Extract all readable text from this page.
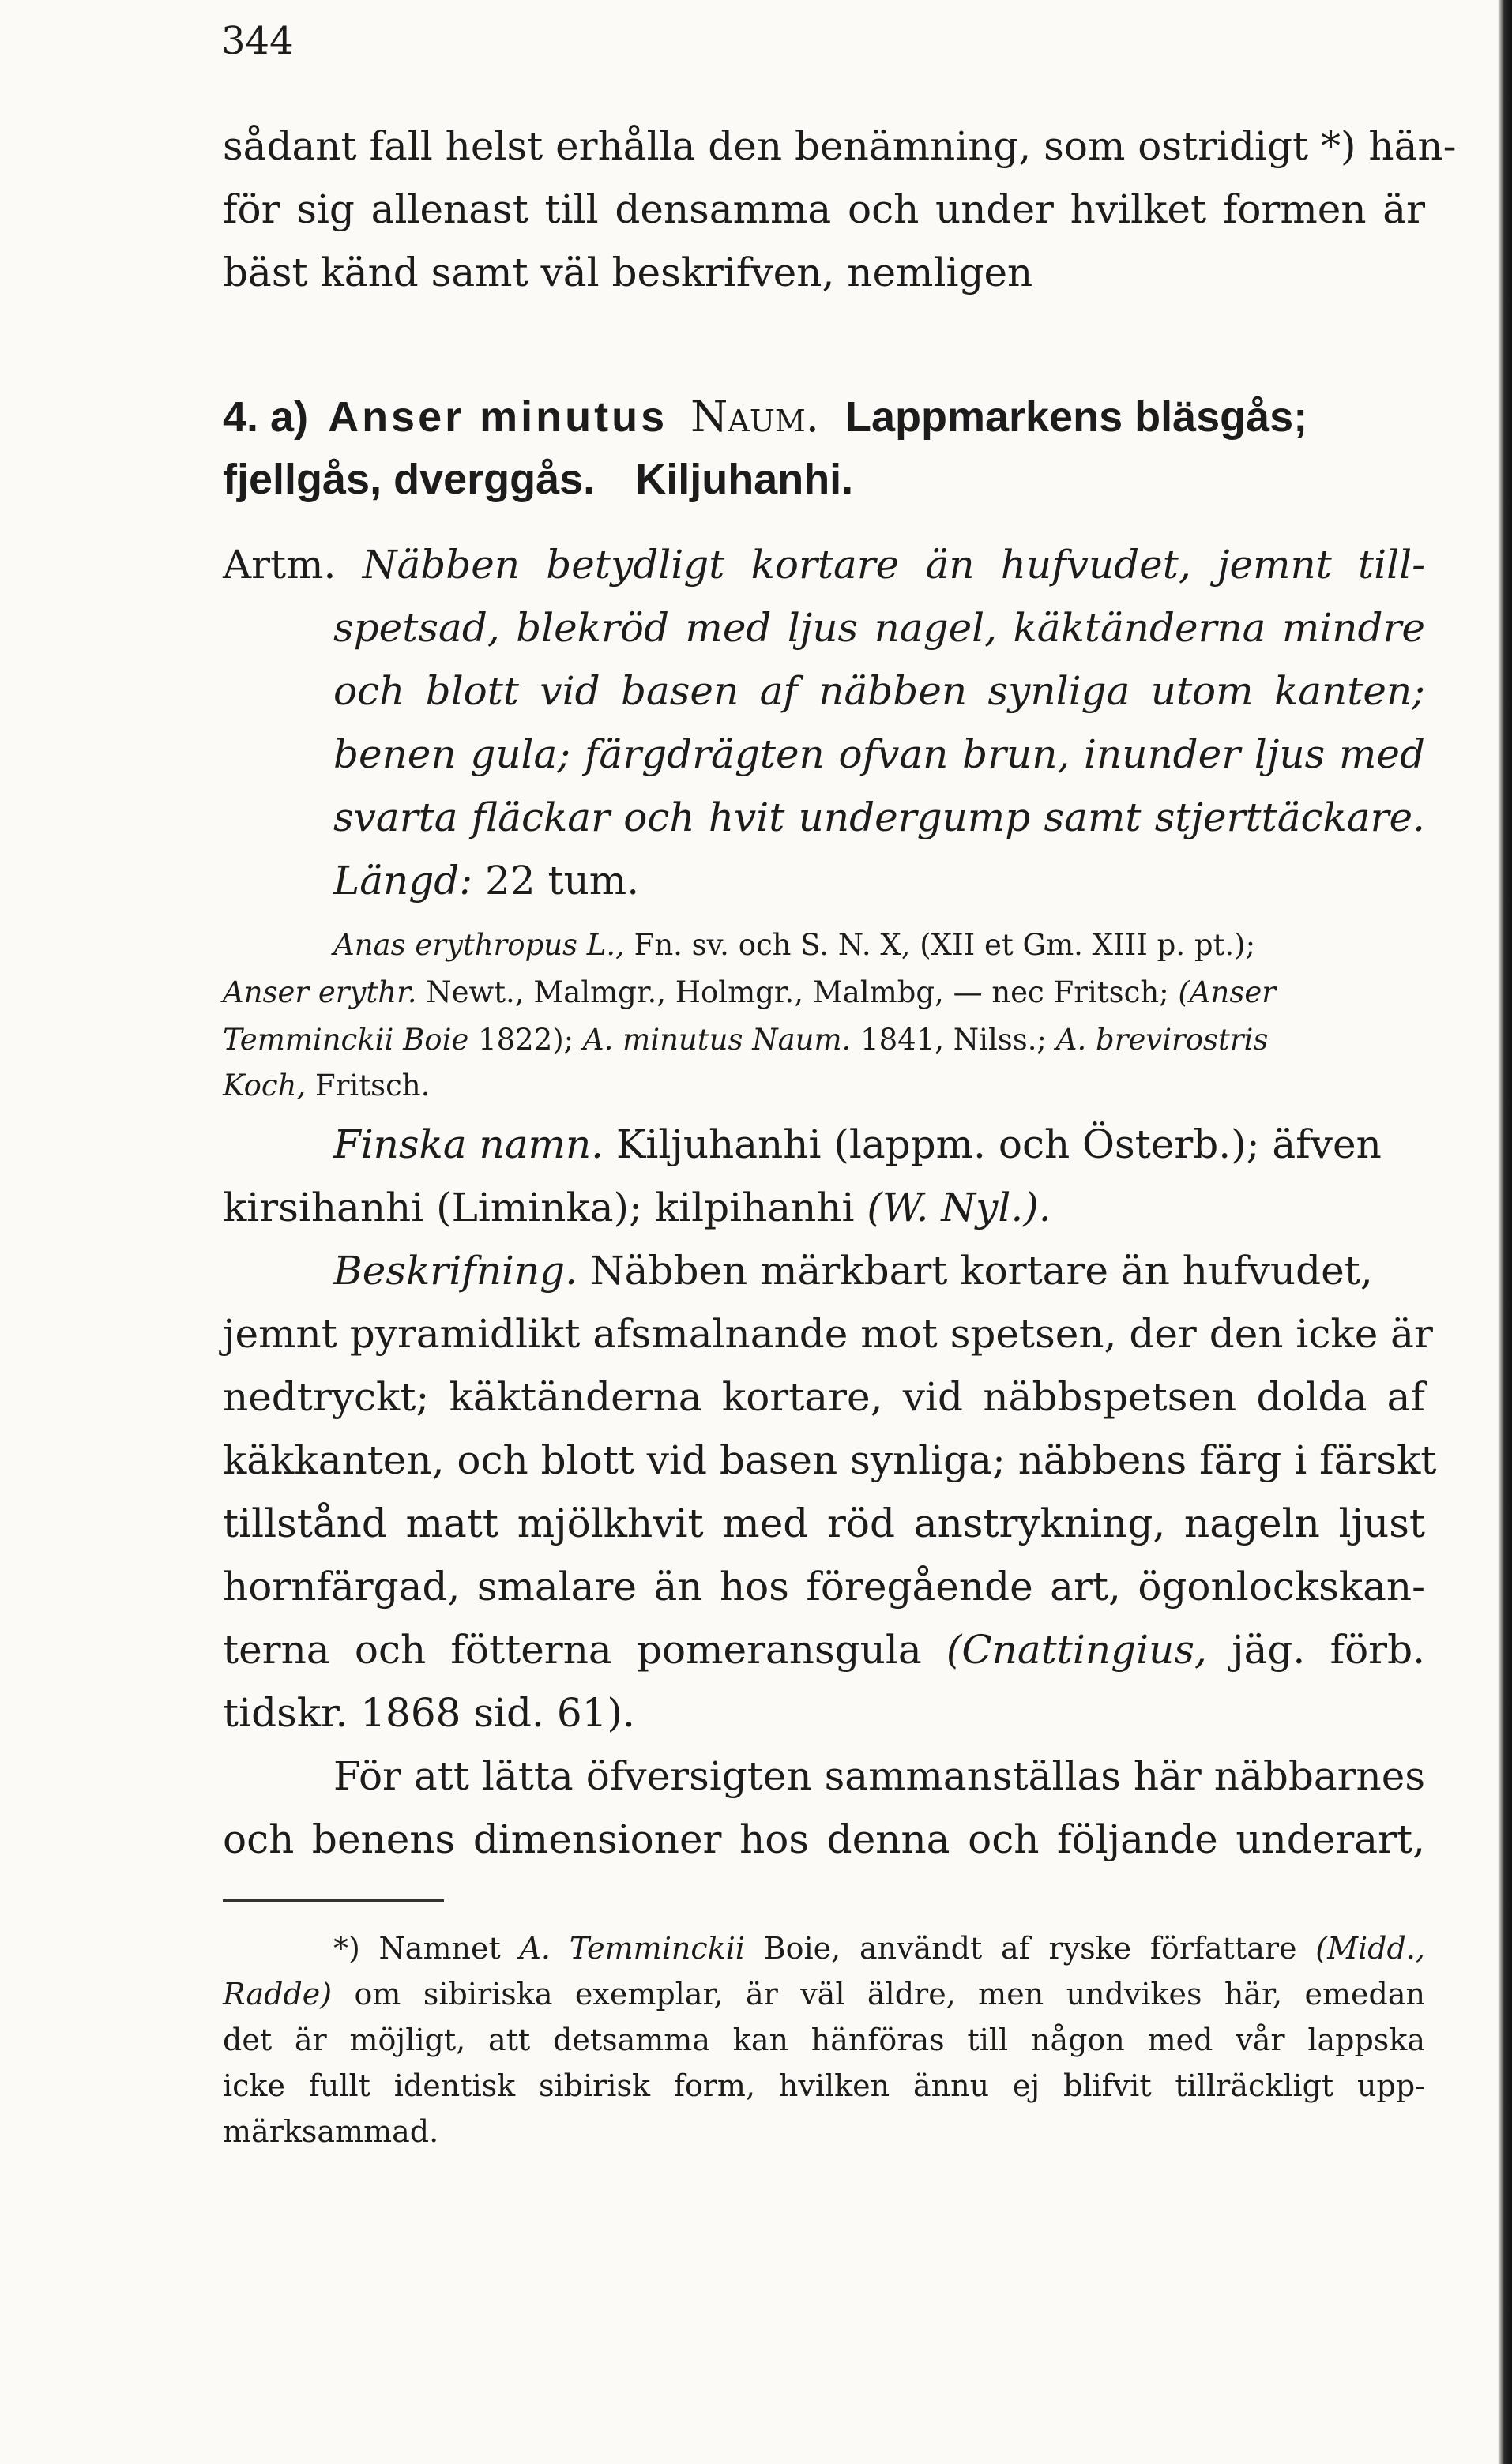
344
sådant fall helst erhålla den benämning, som ostridigt *) hän-
för sig allenast till densamma och under hvilket formen är
bäst känd samt väl beskrifven, nemligen
4. a) Anser minutus Naum. Lappmarkens bläsgås;
fjellgås, dverggås. Kiljuhanhi.
Artm. Näbben betydligt kortare än hufvudet, jemnt till-
spetsad, blekröd med ljus nagel, käktänderna mindre
och blott vid basen af näbben synliga utom kanten;
benen gula; färgdrägten ofvan brun, inunder ljus med
svarta fläckar och hvit undergump samt stjerttäckare.
Längd: 22 tum.
Anas erythropus L., Fn. sv. och S. N. X, (XII et Gm. XIII p. pt.);
Anser erythr. Newt., Malmgr., Holmgr., Malmbg, — nec Fritsch; (Anser
Temminckii Boie 1822); A. minutus Naum. 1841, Nilss.; A. brevirostris
Koch, Fritsch.
Finska namn. Kiljuhanhi (lappm. och Österb.); äfven
kirsihanhi (Liminka); kilpihanhi (W. Nyl.).
Beskrifning. Näbben märkbart kortare än hufvudet,
jemnt pyramidlikt afsmalnande mot spetsen, der den icke är
nedtryckt; käktänderna kortare, vid näbbspetsen dolda af
käkkanten, och blott vid basen synliga; näbbens färg i färskt
tillstånd matt mjölkhvit med röd anstrykning, nageln ljust
hornfärgad, smalare än hos föregående art, ögonlockskan-
terna och fötterna pomeransgula (Cnattingius, jäg. förb.
tidskr. 1868 sid. 61).
För att lätta öfversigten sammanställas här näbbarnes
och benens dimensioner hos denna och följande underart,
*) Namnet A. Temminckii Boie, användt af ryske författare (Midd.,
Radde) om sibiriska exemplar, är väl äldre, men undvikes här, emedan
det är möjligt, att detsamma kan hänföras till någon med vår lappska
icke fullt identisk sibirisk form, hvilken ännu ej blifvit tillräckligt upp-
märksammad.
